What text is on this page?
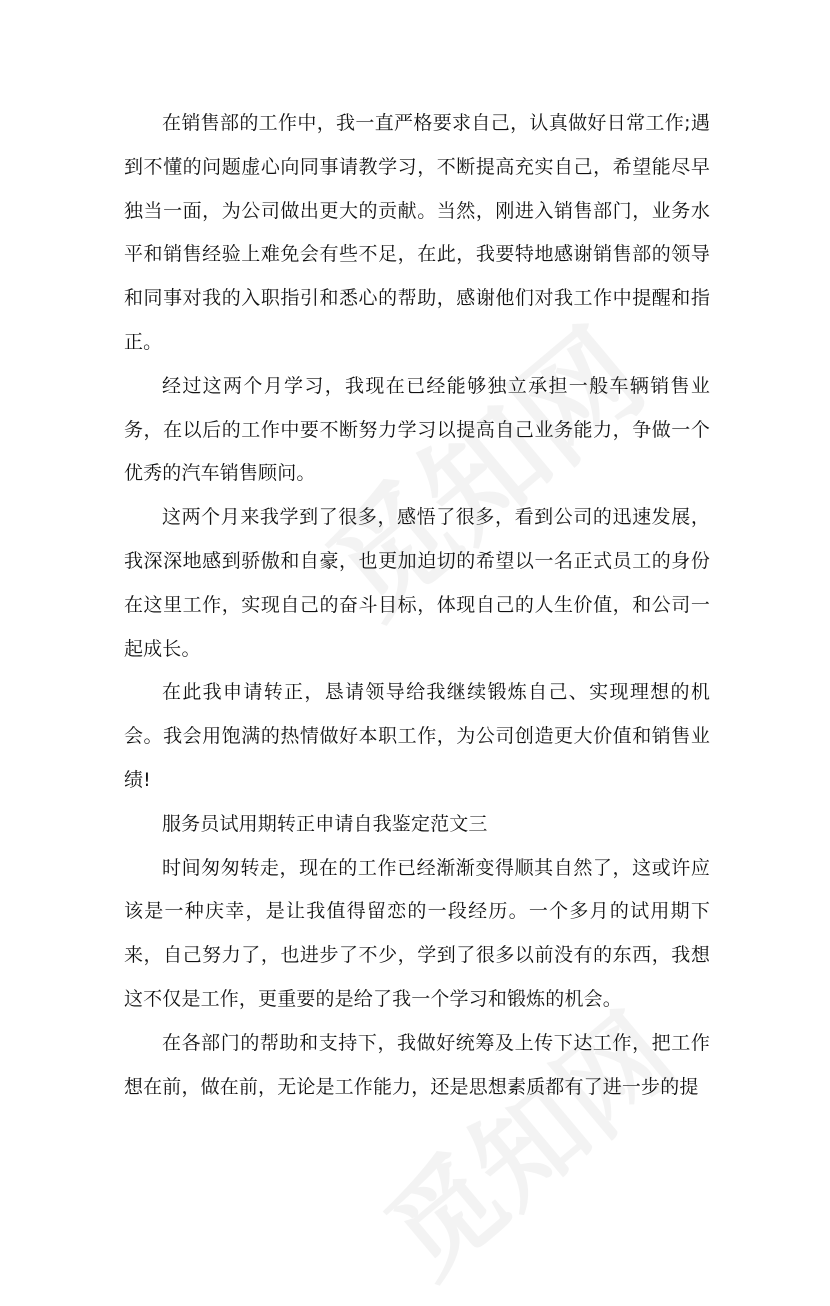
在销售部的工作中，我一直严格要求自己，认真做好日常工作;遇到不懂的问题虚心向同事请教学习，不断提高充实自己，希望能尽早独当一面，为公司做出更大的贡献。当然，刚进入销售部门，业务水平和销售经验上难免会有些不足，在此，我要特地感谢销售部的领导和同事对我的入职指引和悉心的帮助，感谢他们对我工作中提醒和指正。

经过这两个月学习，我现在已经能够独立承担一般车辆销售业务，在以后的工作中要不断努力学习以提高自己业务能力，争做一个优秀的汽车销售顾问。

这两个月来我学到了很多，感悟了很多，看到公司的迅速发展，我深深地感到骄傲和自豪，也更加迫切的希望以一名正式员工的身份在这里工作，实现自己的奋斗目标，体现自己的人生价值，和公司一起成长。

在此我申请转正，恳请领导给我继续锻炼自己、实现理想的机会。我会用饱满的热情做好本职工作，为公司创造更大价值和销售业绩!

服务员试用期转正申请自我鉴定范文三

时间匆匆转走，现在的工作已经渐渐变得顺其自然了，这或许应该是一种庆幸，是让我值得留恋的一段经历。一个多月的试用期下来，自己努力了，也进步了不少，学到了很多以前没有的东西，我想这不仅是工作，更重要的是给了我一个学习和锻炼的机会。

在各部门的帮助和支持下，我做好统筹及上传下达工作，把工作想在前，做在前，无论是工作能力，还是思想素质都有了进一步的提
